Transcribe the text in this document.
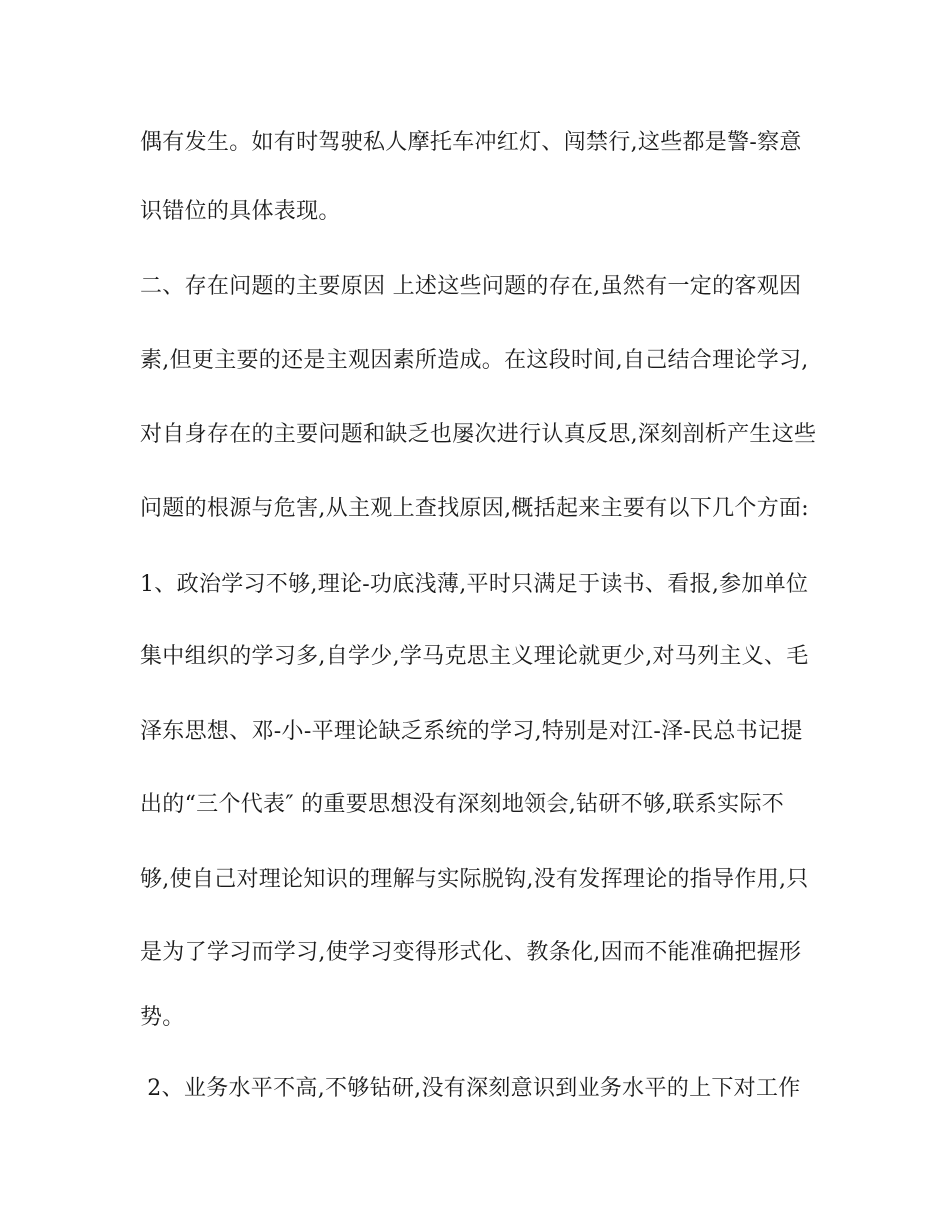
偶有发生。如有时驾驶私人摩托车冲红灯、闯禁行,这些都是警-察意
识错位的具体表现。
二、存在问题的主要原因 上述这些问题的存在,虽然有一定的客观因
素,但更主要的还是主观因素所造成。在这段时间,自己结合理论学习,
对自身存在的主要问题和缺乏也屡次进行认真反思,深刻剖析产生这些
问题的根源与危害,从主观上查找原因,概括起来主要有以下几个方面:
1、政治学习不够,理论-功底浅薄,平时只满足于读书、看报,参加单位
集中组织的学习多,自学少,学马克思主义理论就更少,对马列主义、毛
泽东思想、邓-小-平理论缺乏系统的学习,特别是对江-泽-民总书记提
出的“三个代表″ 的重要思想没有深刻地领会,钻研不够,联系实际不
够,使自己对理论知识的理解与实际脱钩,没有发挥理论的指导作用,只
是为了学习而学习,使学习变得形式化、教条化,因而不能准确把握形
势。
2、业务水平不高,不够钻研,没有深刻意识到业务水平的上下对工作
